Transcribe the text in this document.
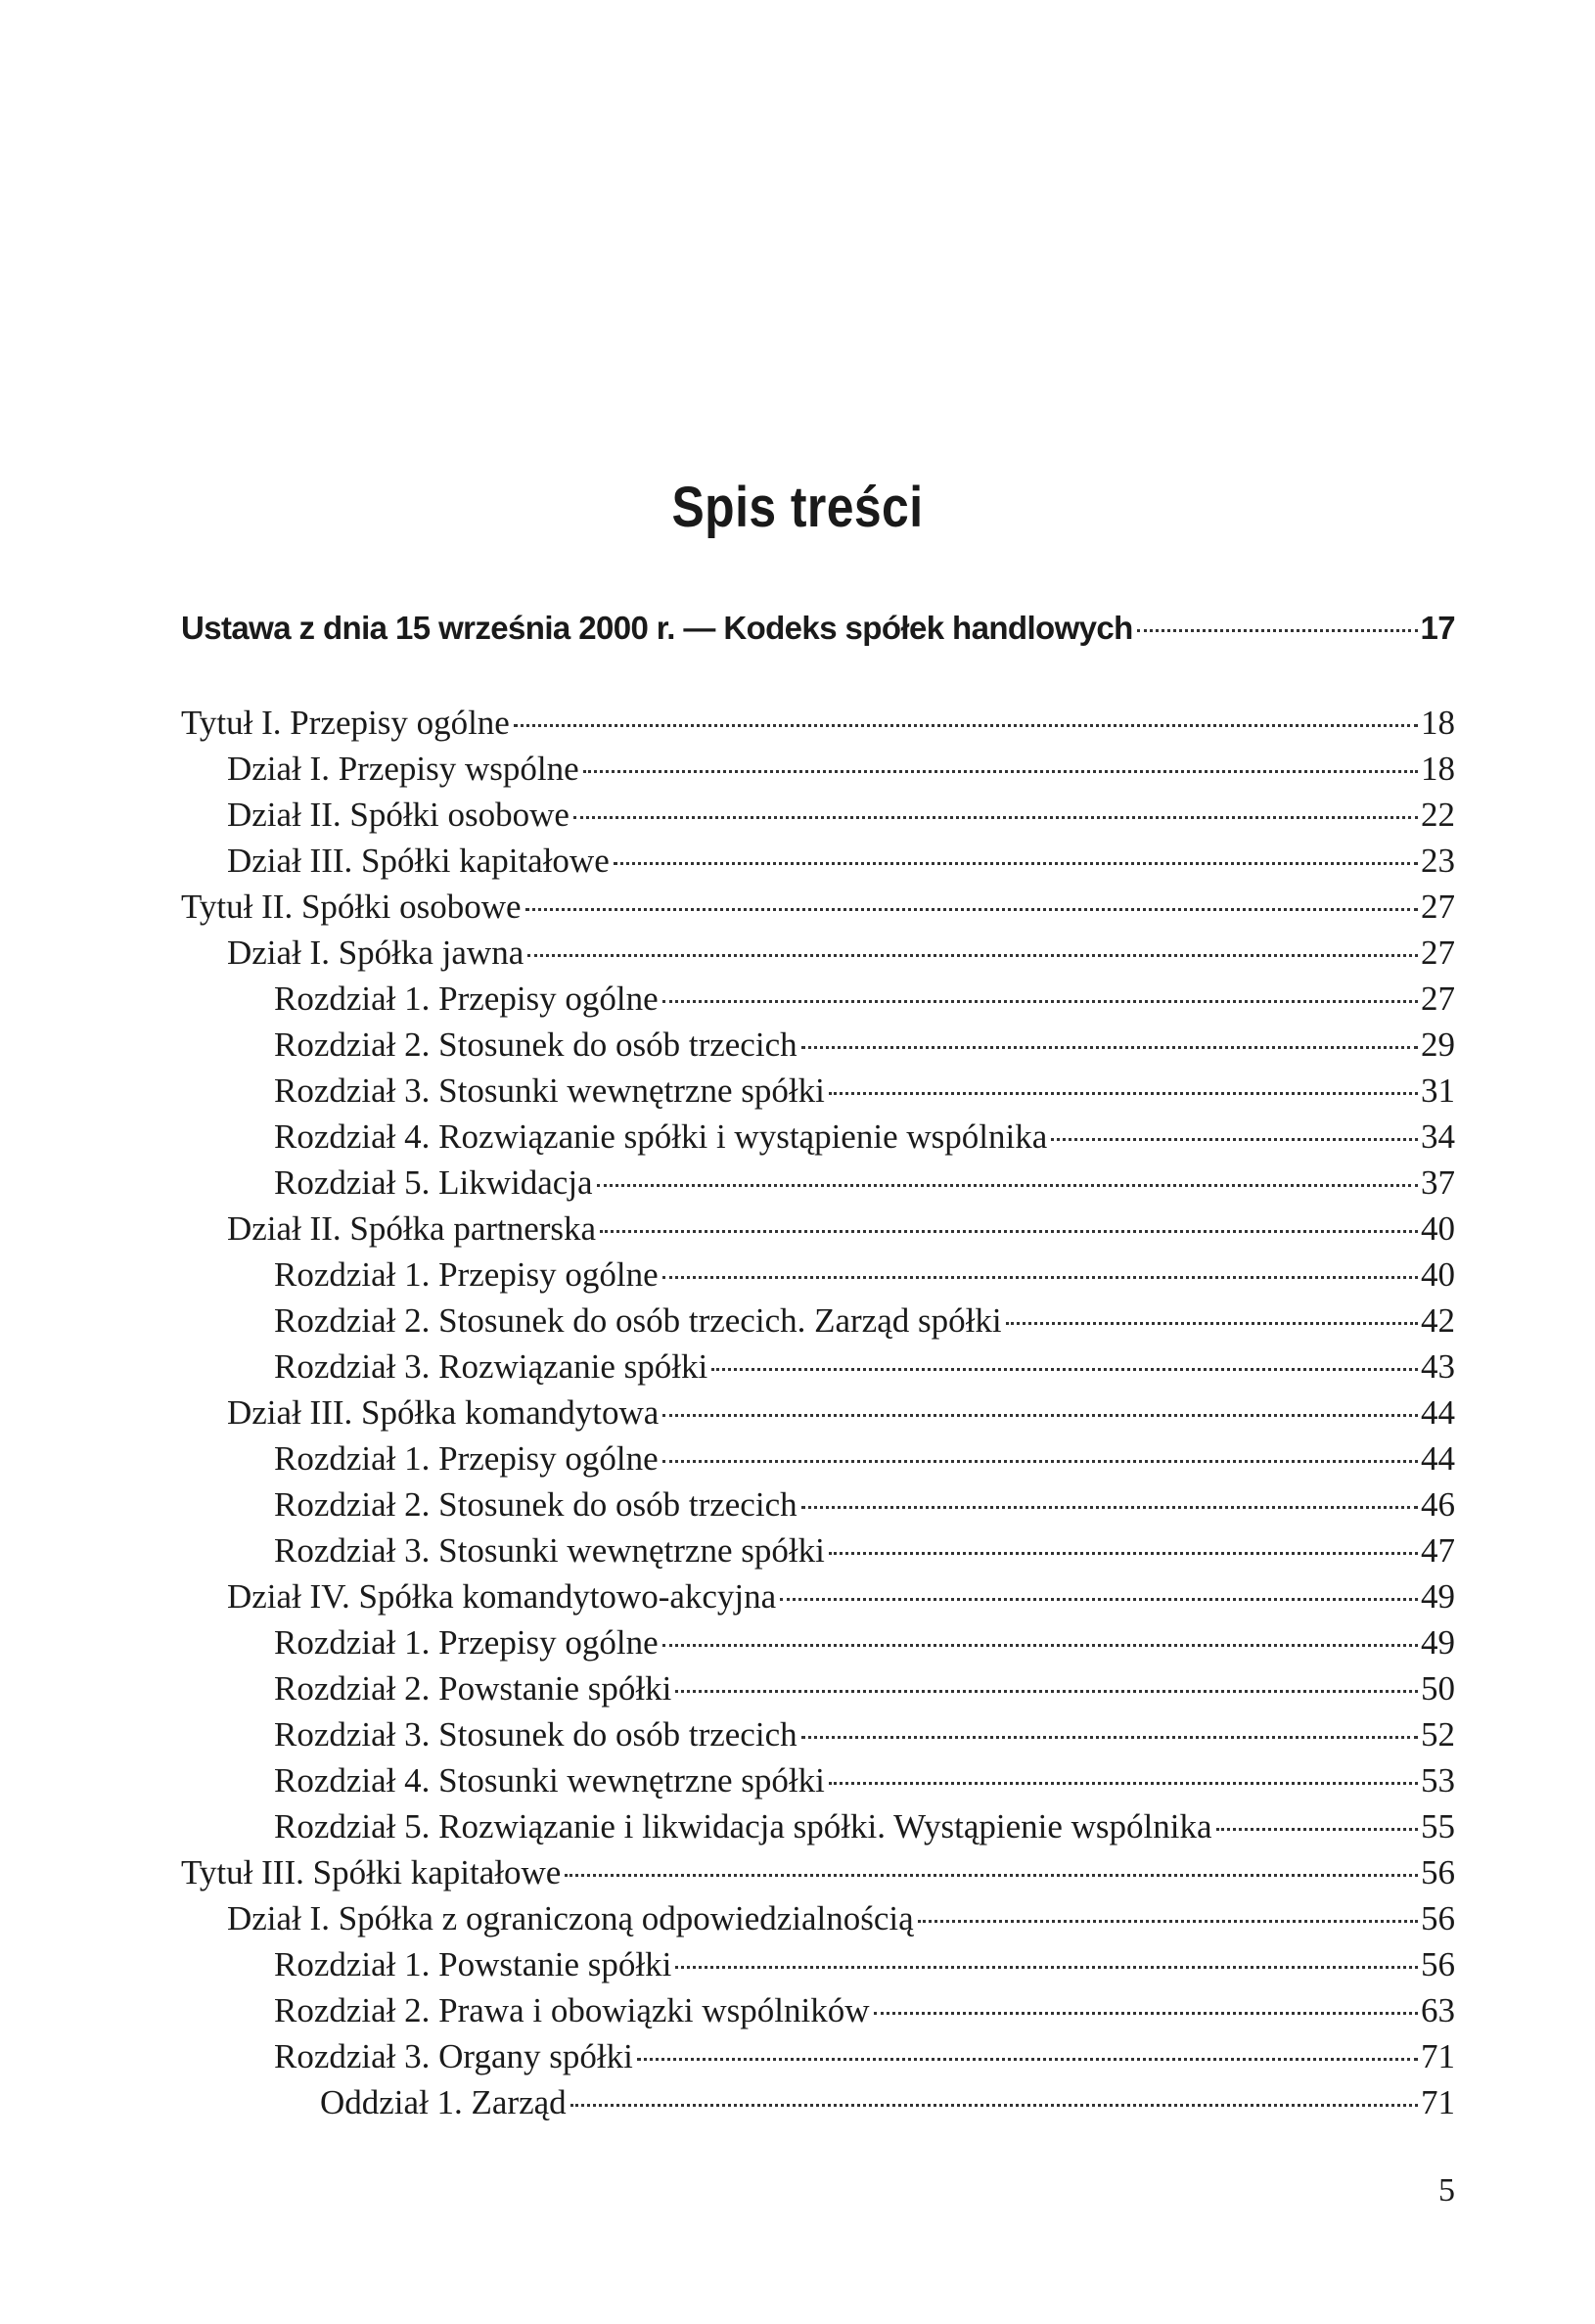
Spis treści
Ustawa z dnia 15 września 2000 r. — Kodeks spółek handlowych	17
Tytuł I. Przepisy ogólne	18
Dział I. Przepisy wspólne	18
Dział II. Spółki osobowe	22
Dział III. Spółki kapitałowe	23
Tytuł II. Spółki osobowe	27
Dział I. Spółka jawna	27
Rozdział 1. Przepisy ogólne	27
Rozdział 2. Stosunek do osób trzecich	29
Rozdział 3. Stosunki wewnętrzne spółki	31
Rozdział 4. Rozwiązanie spółki i wystąpienie wspólnika	34
Rozdział 5. Likwidacja	37
Dział II. Spółka partnerska	40
Rozdział 1. Przepisy ogólne	40
Rozdział 2. Stosunek do osób trzecich. Zarząd spółki	42
Rozdział 3. Rozwiązanie spółki	43
Dział III. Spółka komandytowa	44
Rozdział 1. Przepisy ogólne	44
Rozdział 2. Stosunek do osób trzecich	46
Rozdział 3. Stosunki wewnętrzne spółki	47
Dział IV. Spółka komandytowo-akcyjna	49
Rozdział 1. Przepisy ogólne	49
Rozdział 2. Powstanie spółki	50
Rozdział 3. Stosunek do osób trzecich	52
Rozdział 4. Stosunki wewnętrzne spółki	53
Rozdział 5. Rozwiązanie i likwidacja spółki. Wystąpienie wspólnika	55
Tytuł III. Spółki kapitałowe	56
Dział I. Spółka z ograniczoną odpowiedzialnością	56
Rozdział 1. Powstanie spółki	56
Rozdział 2. Prawa i obowiązki wspólników	63
Rozdział 3. Organy spółki	71
Oddział 1. Zarząd	71
5
